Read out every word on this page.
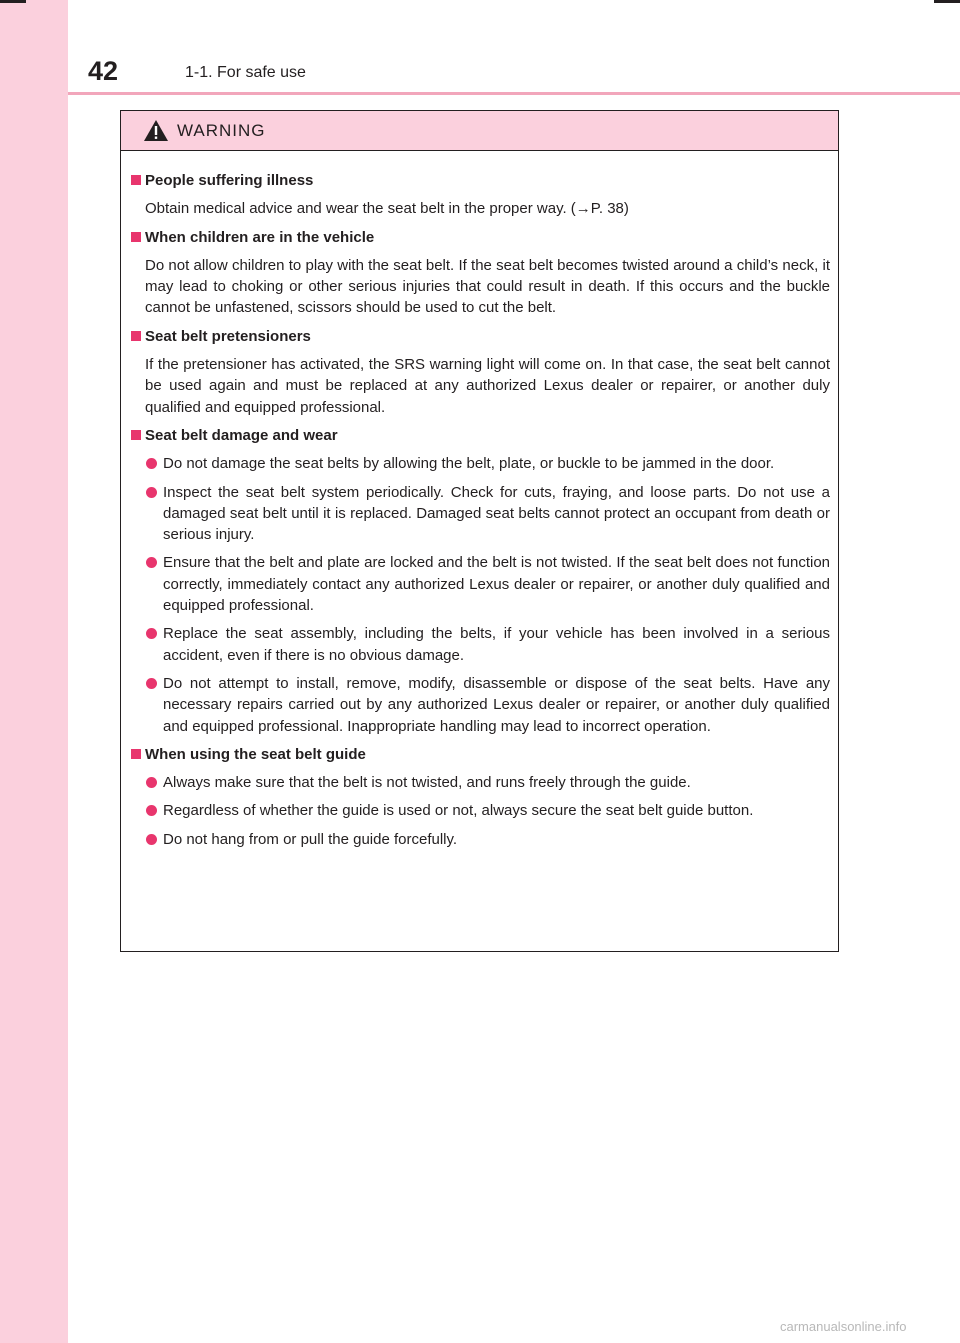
42	1-1. For safe use
WARNING
People suffering illness
Obtain medical advice and wear the seat belt in the proper way. (→P. 38)
When children are in the vehicle
Do not allow children to play with the seat belt. If the seat belt becomes twisted around a child’s neck, it may lead to choking or other serious injuries that could result in death. If this occurs and the buckle cannot be unfastened, scissors should be used to cut the belt.
Seat belt pretensioners
If the pretensioner has activated, the SRS warning light will come on. In that case, the seat belt cannot be used again and must be replaced at any authorized Lexus dealer or repairer, or another duly qualified and equipped professional.
Seat belt damage and wear
Do not damage the seat belts by allowing the belt, plate, or buckle to be jammed in the door.
Inspect the seat belt system periodically. Check for cuts, fraying, and loose parts. Do not use a damaged seat belt until it is replaced. Damaged seat belts cannot protect an occupant from death or serious injury.
Ensure that the belt and plate are locked and the belt is not twisted. If the seat belt does not function correctly, immediately contact any authorized Lexus dealer or repairer, or another duly qualified and equipped professional.
Replace the seat assembly, including the belts, if your vehicle has been involved in a serious accident, even if there is no obvious damage.
Do not attempt to install, remove, modify, disassemble or dispose of the seat belts. Have any necessary repairs carried out by any authorized Lexus dealer or repairer, or another duly qualified and equipped professional. Inappropriate handling may lead to incorrect operation.
When using the seat belt guide
Always make sure that the belt is not twisted, and runs freely through the guide.
Regardless of whether the guide is used or not, always secure the seat belt guide button.
Do not hang from or pull the guide forcefully.
carmanualsonline.info
